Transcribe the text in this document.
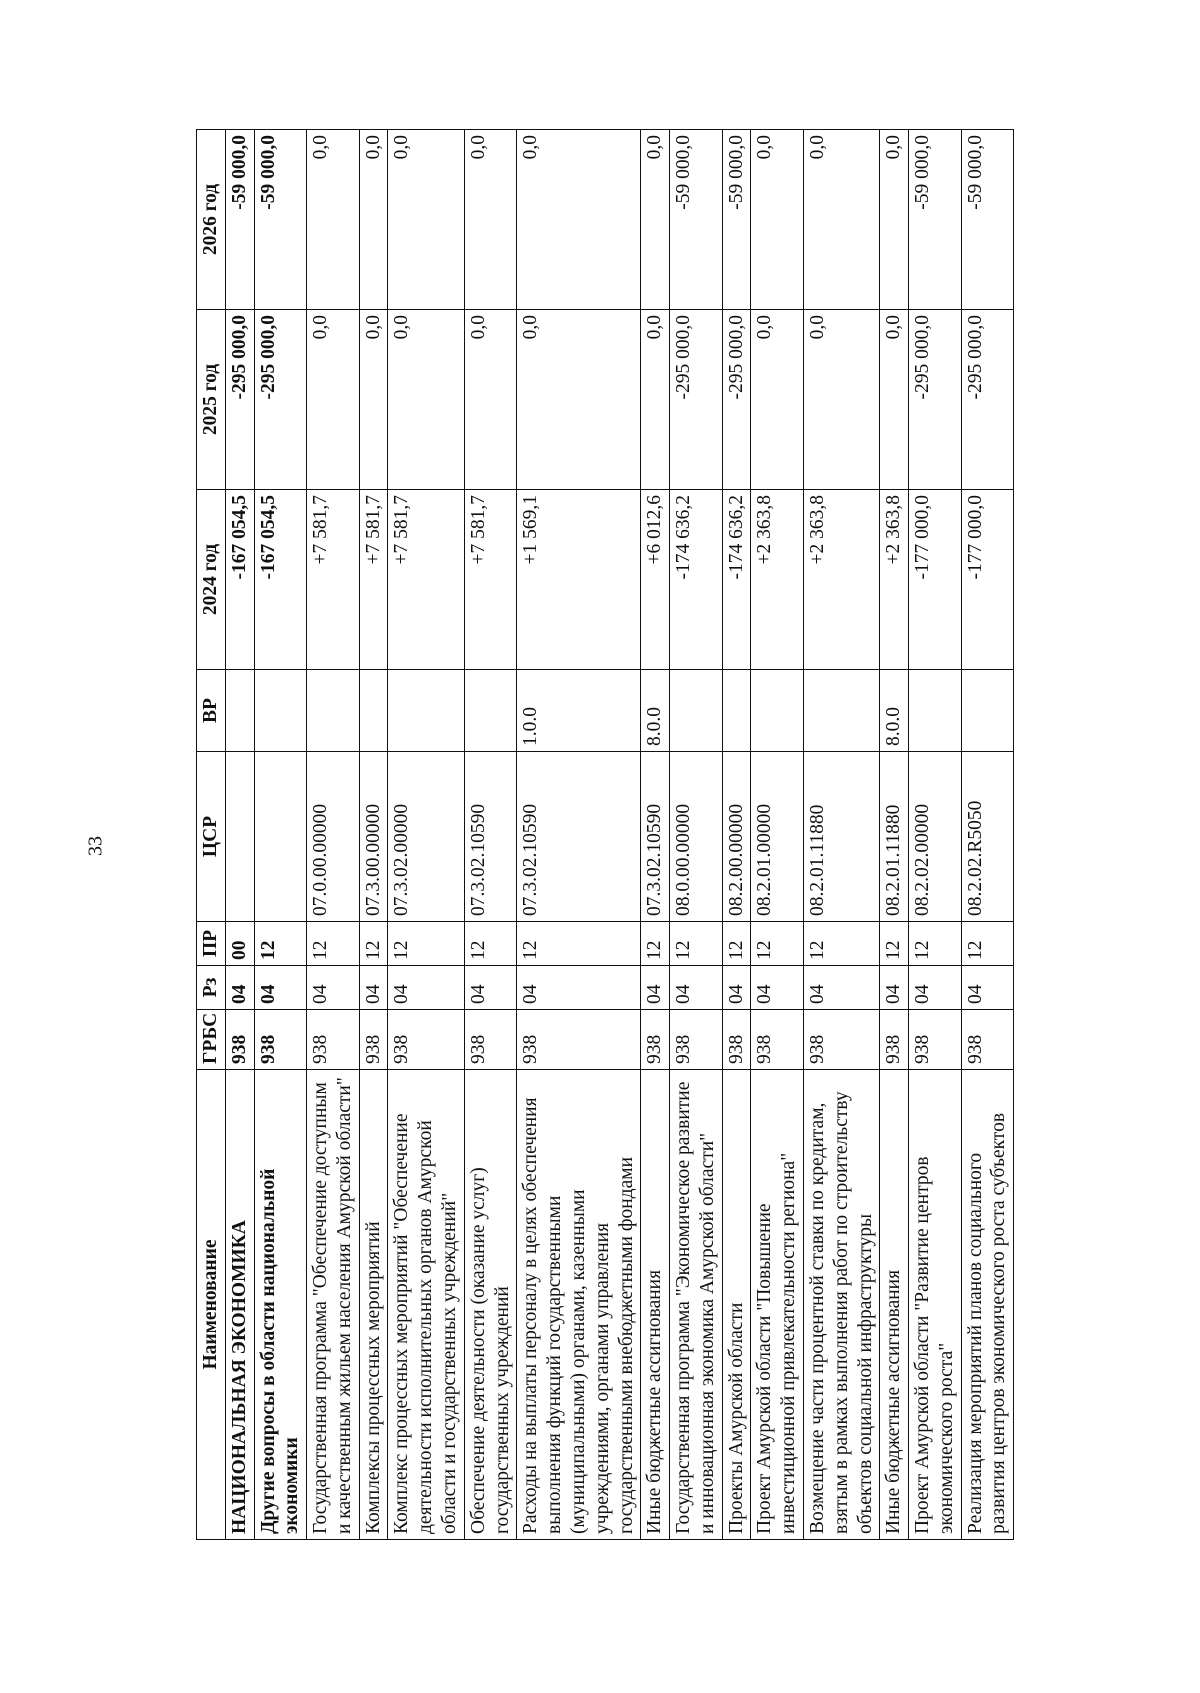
33
Наименование	ГРБС	Рз	ПР	ЦСР	ВР	2024 год	2025 год	2026 год
НАЦИОНАЛЬНАЯ ЭКОНОМИКА	938	04	00			-167 054,5	-295 000,0	-59 000,0
Другие вопросы в области национальной экономики	938	04	12			-167 054,5	-295 000,0	-59 000,0
Государственная программа "Обеспечение доступным и качественным жильем населения Амурской области"	938	04	12	07.0.00.00000		+7 581,7	0,0	0,0
Комплексы процессных мероприятий	938	04	12	07.3.00.00000		+7 581,7	0,0	0,0
Комплекс процессных мероприятий "Обеспечение деятельности исполнительных органов Амурской области и государственных учреждений"	938	04	12	07.3.02.00000		+7 581,7	0,0	0,0
Обеспечение деятельности (оказание услуг) государственных учреждений	938	04	12	07.3.02.10590		+7 581,7	0,0	0,0
Расходы на выплаты персоналу в целях обеспечения выполнения функций государственными (муниципальными) органами, казенными учреждениями, органами управления государственными внебюджетными фондами	938	04	12	07.3.02.10590	1.0.0	+1 569,1	0,0	0,0
Иные бюджетные ассигнования	938	04	12	07.3.02.10590	8.0.0	+6 012,6	0,0	0,0
Государственная программа "Экономическое развитие и инновационная экономика Амурской области"	938	04	12	08.0.00.00000		-174 636,2	-295 000,0	-59 000,0
Проекты Амурской области	938	04	12	08.2.00.00000		-174 636,2	-295 000,0	-59 000,0
Проект Амурской области "Повышение инвестиционной привлекательности региона"	938	04	12	08.2.01.00000		+2 363,8	0,0	0,0
Возмещение части процентной ставки по кредитам, взятым в рамках выполнения работ по строительству объектов социальной инфраструктуры	938	04	12	08.2.01.11880		+2 363,8	0,0	0,0
Иные бюджетные ассигнования	938	04	12	08.2.01.11880	8.0.0	+2 363,8	0,0	0,0
Проект Амурской области "Развитие центров экономического роста"	938	04	12	08.2.02.00000		-177 000,0	-295 000,0	-59 000,0
Реализация мероприятий планов социального развития центров экономического роста субъектов	938	04	12	08.2.02.R5050		-177 000,0	-295 000,0	-59 000,0
